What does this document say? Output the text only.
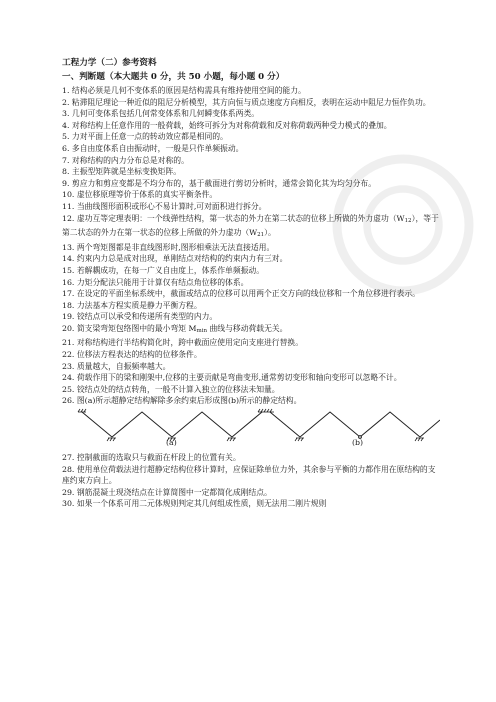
工程力学（二）参考资料
一、判断题（本大题共 0 分，共 50 小题，每小题 0 分）

1. 结构必须是几何不变体系的原因是结构需具有维持使用空间的能力。

2. 粘滞阻尼理论一种近似的阻尼分析模型，其方向恒与质点速度方向相反，表明在运动中阻尼力恒作负功。

3. 几何可变体系包括几何常变体系和几何瞬变体系两类。

4. 对称结构上任意作用的一般荷载，始终可拆分为对称荷载和反对称荷载两种受力模式的叠加。

5. 力对平面上任意一点的转动效应都是相同的。

6. 多自由度体系自由振动时，一般是只作单频振动。

7. 对称结构的内力分布总是对称的。

8. 主振型矩阵就是坐标变换矩阵。

9. 剪应力和剪应变都是不均分布的，基于截面进行剪切分析时，通常会简化其为均匀分布。

10. 虚位移原理等价于体系的真实平衡条件。

11. 当曲线图形面积或形心不易计算时,可对面积进行拆分。

12. 虚功互等定理表明：一个线弹性结构，第一状态的外力在第二状态的位移上所做的外力虚功（W12），等于第二状态的外力在第一状态的位移上所做的外力虚功（W21）。

13. 两个弯矩图都是非直线图形时,图形相乘法无法直接适用。

14. 约束内力总是成对出现，单刚结点对结构的约束内力有三对。

15. 若解耦成功，在每一广义自由度上，体系作单频振动。

16. 力矩分配法只能用于计算仅有结点角位移的体系。

17. 在设定的平面坐标系统中，截面或结点的位移可以用两个正交方向的线位移和一个角位移进行表示。

18. 力法基本方程实质是静力平衡方程。

19. 铰结点可以承受和传递所有类型的内力。

20. 简支梁弯矩包络图中的最小弯矩 Mmin 曲线与移动荷载无关。

21. 对称结构进行半结构简化时，跨中截面应使用定向支座进行替换。

22. 位移法方程表达的结构的位移条件。

23. 质量越大，自振频率越大。

24. 荷载作用下的梁和刚架中,位移的主要贡献是弯曲变形,通常剪切变形和轴向变形可以忽略不计。

25. 铰结点处的结点转角，一般不计算入独立的位移法未知量。

26. 图(a)所示超静定结构解除多余约束后形成图(b)所示的静定结构。

(a)	(b)

27. 控制截面的选取只与截面在杆段上的位置有关。

28. 使用单位荷载法进行超静定结构位移计算时，应保证除单位力外，其余参与平衡的力都作用在原结构的支座约束方向上。

29. 钢筋混凝土现浇结点在计算简图中一定都简化成刚结点。

30. 如果一个体系可用二元体规则判定其几何组成性质，则无法用二刚片规则
